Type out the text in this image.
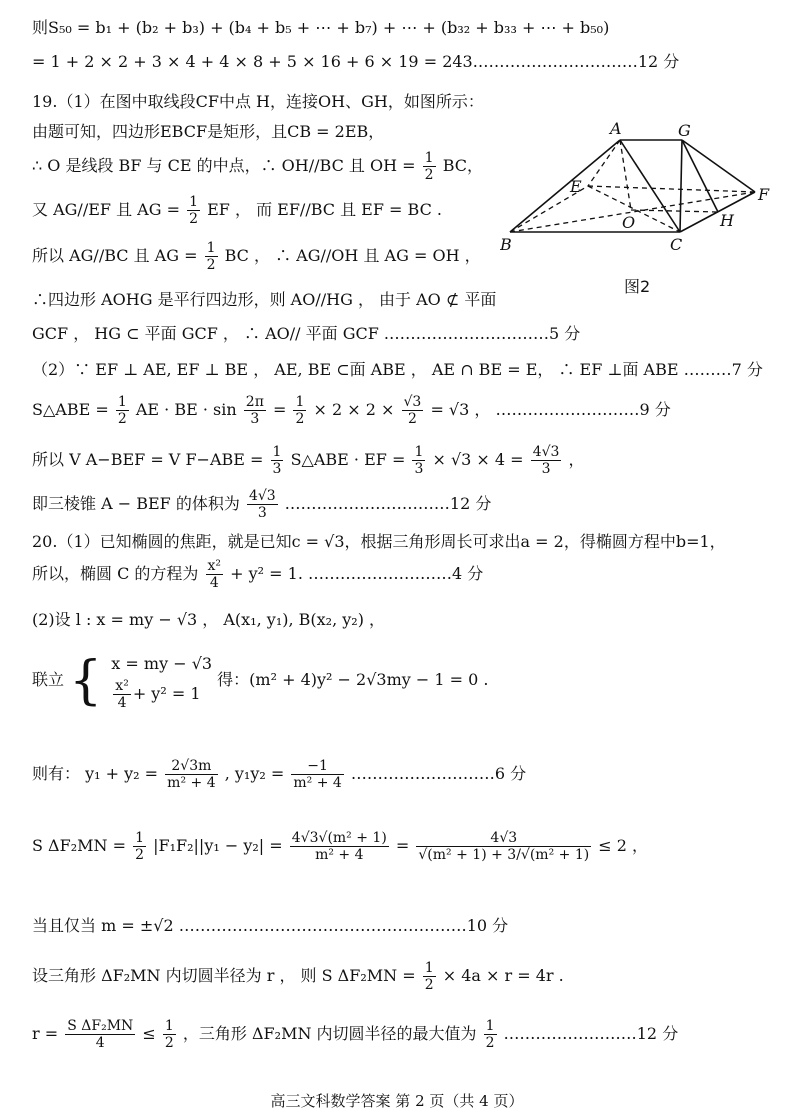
A	G
E	F
O	H
B	C
图2
则S₅₀ = b₁ + (b₂ + b₃) + (b₄ + b₅ + ⋯ + b₇) + ⋯ + (b₃₂ + b₃₃ + ⋯ + b₅₀)
= 1 + 2 × 2 + 3 × 4 + 4 × 8 + 5 × 16 + 6 × 19 = 243.…………………………12 分
19.（1）在图中取线段CF中点 H，连接OH、GH，如图所示：
由题可知，四边形EBCF是矩形，且CB = 2EB，
∴ O 是线段 BF 与 CE 的中点，∴ OH//BC 且 OH = $\frac{1}{2}$ BC，
又 AG//EF 且 AG = $\frac{1}{2}$ EF ， 而 EF//BC 且 EF = BC .
所以 AG//BC 且 AG = $\frac{1}{2}$ BC ， ∴ AG//OH 且 AG = OH ，
∴四边形 AOHG 是平行四边形，则 AO//HG ， 由于 AO ⊄ 平面
GCF ， HG ⊂ 平面 GCF ， ∴ AO// 平面 GCF .…………………………5 分
（2）∵ EF ⊥ AE, EF ⊥ BE ， AE, BE ⊂面 ABE ， AE ∩ BE = E， ∴ EF ⊥面 ABE ………7 分
S△ABE = $\frac{1}{2}$ AE · BE · $\sin \frac{2\pi}{3} = \frac{1}{2} \times 2 \times 2 \times \frac{√3}{2} = √3$ ， ………………………9 分
所以 V A−BEF = V $F-ABE = \frac{1}{3}$ S△ABE · EF = $\frac{1}{3} \times √3 \times 4 = \frac{4√3}{3}$ ，
即三棱锥 A − BEF 的体积为 $\frac{4√3}{3}$ .…………………………12 分
20.（1）已知椭圆的焦距，就是已知c = √3，根据三角形周长可求出a = 2，得椭圆方程中b=1，
所以，椭圆 C 的方程为 $\frac{\text{x²}}{4} + y^2 = 1$. ………………………4 分
(2)设 l : x = my − √3 ， A(x₁, y₁), B(x₂, y₂) ，
联立 { x = my − √3
$\frac{\text{x²}}{4} + y^2 = 1$
得：(m² + 4)y² − 2√3my − 1 = 0 .
则有： $y_1 + y_2 = \frac{2√3m}{\text{m² + 4}}$ , $y_1y_2 = \frac{-1}{\text{m² + 4}}$ ………………………6 分
S $\Delta F_2MN = \frac{1}{2} |F_1F_2||y_1 - y_2| = \frac{\text{4√3√(m² + 1)}}{\text{m² + 4}} = \frac{4√3}{\text{√(m² + 1) + 3/√(m² + 1)}} \le 2$ ，
当且仅当 m = ±√2 ………………………………………………10 分
设三角形 ΔF₂MN 内切圆半径为 r ， 则 S $\Delta F_2MN = \frac{1}{2} \times 4a \times r = 4r$ .
$r = \frac{\text{S ΔF₂MN}}{4} \le \frac{1}{2}$ ，三角形 ΔF₂MN 内切圆半径的最大值为 $\frac{1}{2}$ .……………………12 分
高三文科数学答案 第 2 页（共 4 页）
